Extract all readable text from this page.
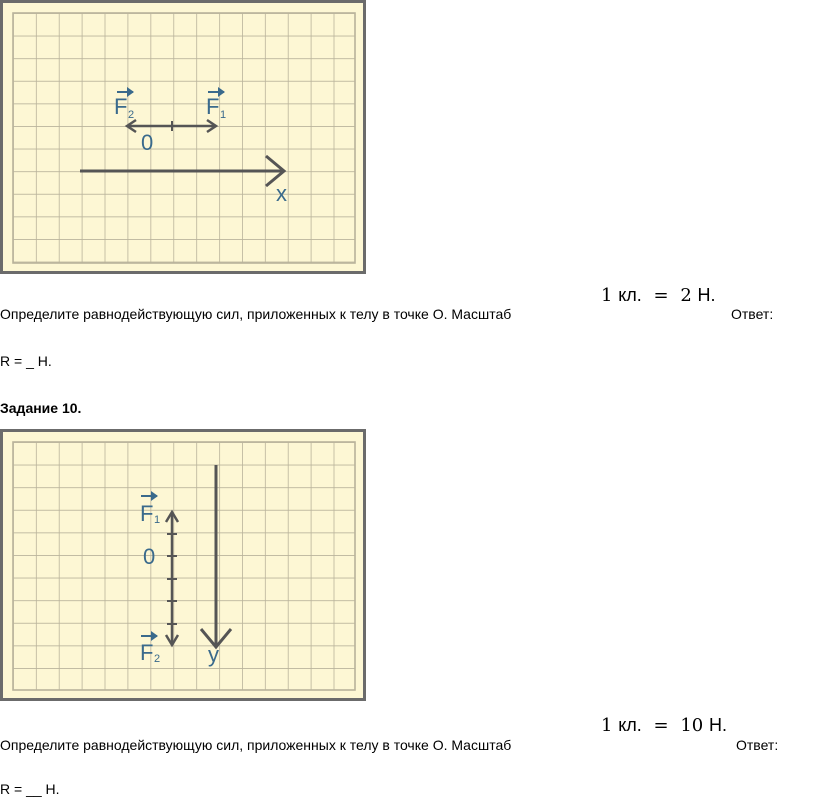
F 2	F 1
0
x
Определите равнодействующую сил, приложенных к телу в точке О. Масштаб
1 кл. = 2 Н.
Ответ:
R = _ Н.
Задание 10.
F 1
0
F 2 y
Определите равнодействующую сил, приложенных к телу в точке О. Масштаб
1 кл. = 10 Н.
Ответ:
R = __ Н.
